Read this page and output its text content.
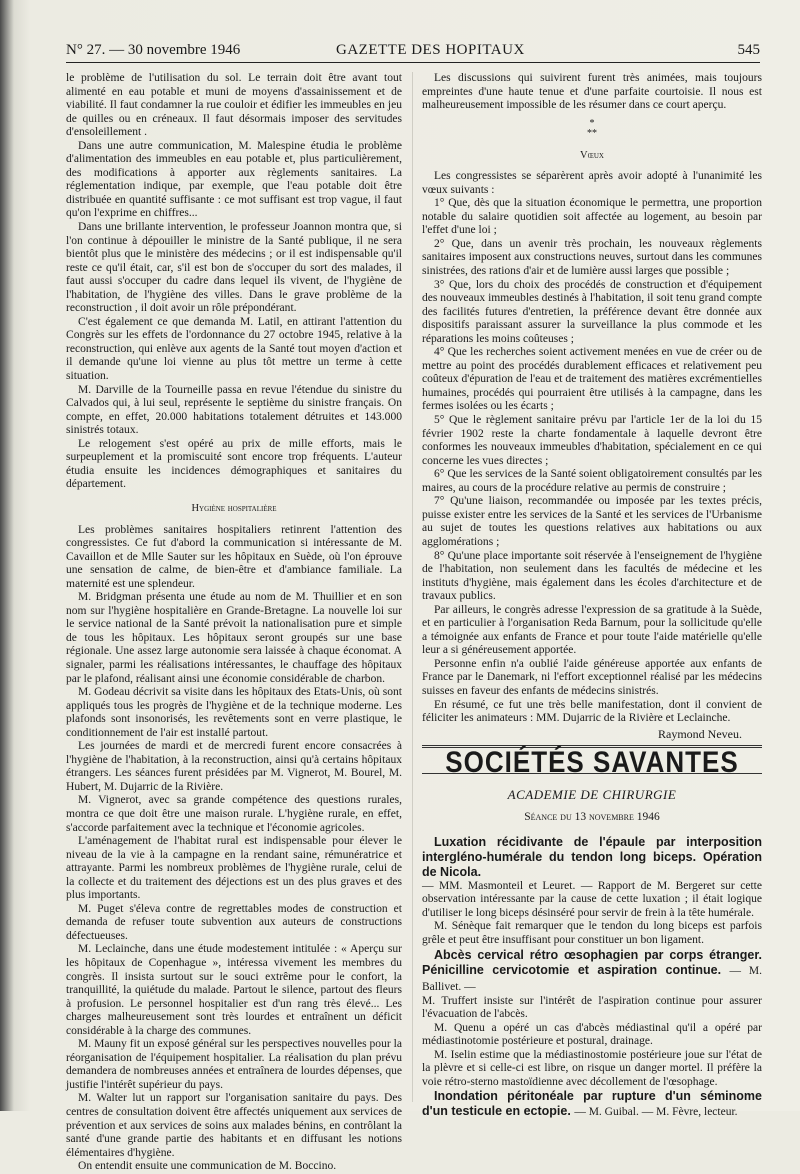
N° 27. — 30 novembre 1946	GAZETTE DES HOPITAUX	545

le problème de l'utilisation du sol. Le terrain doit être avant tout alimenté en eau potable et muni de moyens d'assainissement et de viabilité. Il faut condamner la rue couloir et édifier les immeubles en jeu de quilles ou en créneaux. Il faut désormais imposer des servitudes d'ensoleillement .

Dans une autre communication, M. Malespine étudia le problème d'alimentation des immeubles en eau potable et, plus particulièrement, des modifications à apporter aux règlements sanitaires. La réglementation indique, par exemple, que l'eau potable doit être distribuée en quantité suffisante : ce mot suffisant est trop vague, il faut qu'on l'exprime en chiffres...

Dans une brillante intervention, le professeur Joannon montra que, si l'on continue à dépouiller le ministre de la Santé publique, il ne sera bientôt plus que le ministère des médecins ; or il est indispensable qu'il reste ce qu'il était, car, s'il est bon de s'occuper du sort des malades, il faut aussi s'occuper du cadre dans lequel ils vivent, de l'hygiène de l'habitation, de l'hygiène des villes. Dans le grave problème de la reconstruction , il doit avoir un rôle prépondérant.

C'est également ce que demanda M. Latil, en attirant l'attention du Congrès sur les effets de l'ordonnance du 27 octobre 1945, relative à la reconstruction, qui enlève aux agents de la Santé tout moyen d'action et il demande qu'une loi vienne au plus tôt mettre un terme à cette situation.

M. Darville de la Tourneille passa en revue l'étendue du sinistre du Calvados qui, à lui seul, représente le septième du sinistre français. On compte, en effet, 20.000 habitations totalement détruites et 143.000 sinistrés totaux.

Le relogement s'est opéré au prix de mille efforts, mais le surpeuplement et la promiscuité sont encore trop fréquents. L'auteur étudia ensuite les incidences démographiques et sanitaires du département.

Hygiène hospitalière

Les problèmes sanitaires hospitaliers retinrent l'attention des congressistes. Ce fut d'abord la communication si intéressante de M. Cavaillon et de Mlle Sauter sur les hôpitaux en Suède, où l'on éprouve une sensation de calme, de bien-être et d'ambiance familiale. La maternité est une splendeur.

M. Bridgman présenta une étude au nom de M. Thuillier et en son nom sur l'hygiène hospitalière en Grande-Bretagne. La nouvelle loi sur le service national de la Santé prévoit la nationalisation pure et simple de tous les hôpitaux. Les hôpitaux seront groupés sur une base régionale. Une assez large autonomie sera laissée à chaque économat. A signaler, parmi les réalisations intéressantes, le chauffage des hôpitaux par le plafond, réalisant ainsi une économie considérable de charbon.

M. Godeau décrivit sa visite dans les hôpitaux des Etats-Unis, où sont appliqués tous les progrès de l'hygiène et de la technique moderne. Les plafonds sont insonorisés, les revêtements sont en verre plastique, le conditionnement de l'air est installé partout.

Les journées de mardi et de mercredi furent encore consacrées à l'hygiène de l'habitation, à la reconstruction, ainsi qu'à certains hôpitaux étrangers. Les séances furent présidées par M. Vignerot, M. Bourel, M. Hubert, M. Dujarric de la Rivière.

M. Vignerot, avec sa grande compétence des questions rurales, montra ce que doit être une maison rurale. L'hygiène rurale, en effet, s'accorde parfaitement avec la technique et l'économie agricoles.

L'aménagement de l'habitat rural est indispensable pour élever le niveau de la vie à la campagne en la rendant saine, rémunératrice et attrayante. Parmi les nombreux problèmes de l'hygiène rurale, celui de la collecte et du traitement des déjections est un des plus graves et des plus importants.

M. Puget s'éleva contre de regrettables modes de construction et demanda de refuser toute subvention aux auteurs de constructions défectueuses.

M. Leclainche, dans une étude modestement intitulée : « Aperçu sur les hôpitaux de Copenhague », intéressa vivement les membres du congrès. Il insista surtout sur le souci extrême pour le confort, la tranquillité, la quiétude du malade. Partout le silence, partout des fleurs à profusion. Le personnel hospitalier est d'un rang très élevé... Les charges malheureusement sont très lourdes et entraînent un déficit considérable à la charge des communes.

M. Mauny fit un exposé général sur les perspectives nouvelles pour la réorganisation de l'équipement hospitalier. La réalisation du plan prévu demandera de nombreuses années et entraînera de lourdes dépenses, que justifie l'intérêt supérieur du pays.

M. Walter lut un rapport sur l'organisation sanitaire du pays. Des centres de consultation doivent être affectés uniquement aux services de prévention et aux services de soins aux malades bénins, en contrôlant la santé d'une grande partie des habitants et en diffusant les notions élémentaires d'hygiène.

On entendit ensuite une communication de M. Boccino.

Les discussions qui suivirent furent très animées, mais toujours empreintes d'une haute tenue et d'une parfaite courtoisie. Il nous est malheureusement impossible de les résumer dans ce court aperçu.

*
**

Vœux

Les congressistes se séparèrent après avoir adopté à l'unanimité les vœux suivants :

1° Que, dès que la situation économique le permettra, une proportion notable du salaire quotidien soit affectée au logement, au besoin par l'effet d'une loi ;

2° Que, dans un avenir très prochain, les nouveaux règlements sanitaires imposent aux constructions neuves, surtout dans les communes sinistrées, des rations d'air et de lumière aussi larges que possible ;

3° Que, lors du choix des procédés de construction et d'équipement des nouveaux immeubles destinés à l'habitation, il soit tenu grand compte des facilités futures d'entretien, la préférence devant être donnée aux dispositifs paraissant assurer la surveillance la plus commode et les réparations les moins coûteuses ;

4° Que les recherches soient activement menées en vue de créer ou de mettre au point des procédés durablement efficaces et relativement peu coûteux d'épuration de l'eau et de traitement des matières excrémentielles humaines, procédés qui pourraient être utilisés à la campagne, dans les fermes isolées ou les écarts ;

5° Que le règlement sanitaire prévu par l'article 1er de la loi du 15 février 1902 reste la charte fondamentale à laquelle devront être conformes les nouveaux immeubles d'habitation, spécialement en ce qui concerne les vues directes ;

6° Que les services de la Santé soient obligatoirement consultés par les maires, au cours de la procédure relative au permis de construire ;

7° Qu'une liaison, recommandée ou imposée par les textes précis, puisse exister entre les services de la Santé et les services de l'Urbanisme au sujet de toutes les questions relatives aux habitations ou aux agglomérations ;

8° Qu'une place importante soit réservée à l'enseignement de l'hygiène de l'habitation, non seulement dans les facultés de médecine et les instituts d'hygiène, mais également dans les écoles d'architecture et de travaux publics.

Par ailleurs, le congrès adresse l'expression de sa gratitude à la Suède, et en particulier à l'organisation Reda Barnum, pour la sollicitude qu'elle a témoignée aux enfants de France et pour toute l'aide matérielle qu'elle leur a si généreusement apportée.

Personne enfin n'a oublié l'aide généreuse apportée aux enfants de France par le Danemark, ni l'effort exceptionnel réalisé par les médecins suisses en faveur des enfants de médecins sinistrés.

En résumé, ce fut une très belle manifestation, dont il convient de féliciter les animateurs : MM. Dujarric de la Rivière et Leclainche.

Raymond Neveu.
SOCIÉTÉS SAVANTES
ACADEMIE DE CHIRURGIE
Séance du 13 novembre 1946

Luxation récidivante de l'épaule par interposition intergléno-humérale du tendon long biceps. Opération de Nicola.

— MM. Masmonteil et Leuret. — Rapport de M. Bergeret sur cette observation intéressante par la cause de cette luxation ; il était logique d'utiliser le long biceps désinséré pour servir de frein à la tête humérale.

M. Sénèque fait remarquer que le tendon du long biceps est parfois grêle et peut être insuffisant pour constituer un bon ligament.

Abcès cervical rétro œsophagien par corps étranger. Pénicilline cervicotomie et aspiration continue. — M. Ballivet. —

M. Truffert insiste sur l'intérêt de l'aspiration continue pour assurer l'évacuation de l'abcès.

M. Quenu a opéré un cas d'abcès médiastinal qu'il a opéré par médiastinotomie postérieure et postural, drainage.

M. Iselin estime que la médiastinostomie postérieure joue sur l'état de la plèvre et si celle-ci est libre, on risque un danger mortel. Il préfère la voie rétro-sterno mastoïdienne avec décollement de l'œsophage.

Inondation péritonéale par rupture d'un séminome d'un testicule en ectopie. — M. Guibal. — M. Fèvre, lecteur.
